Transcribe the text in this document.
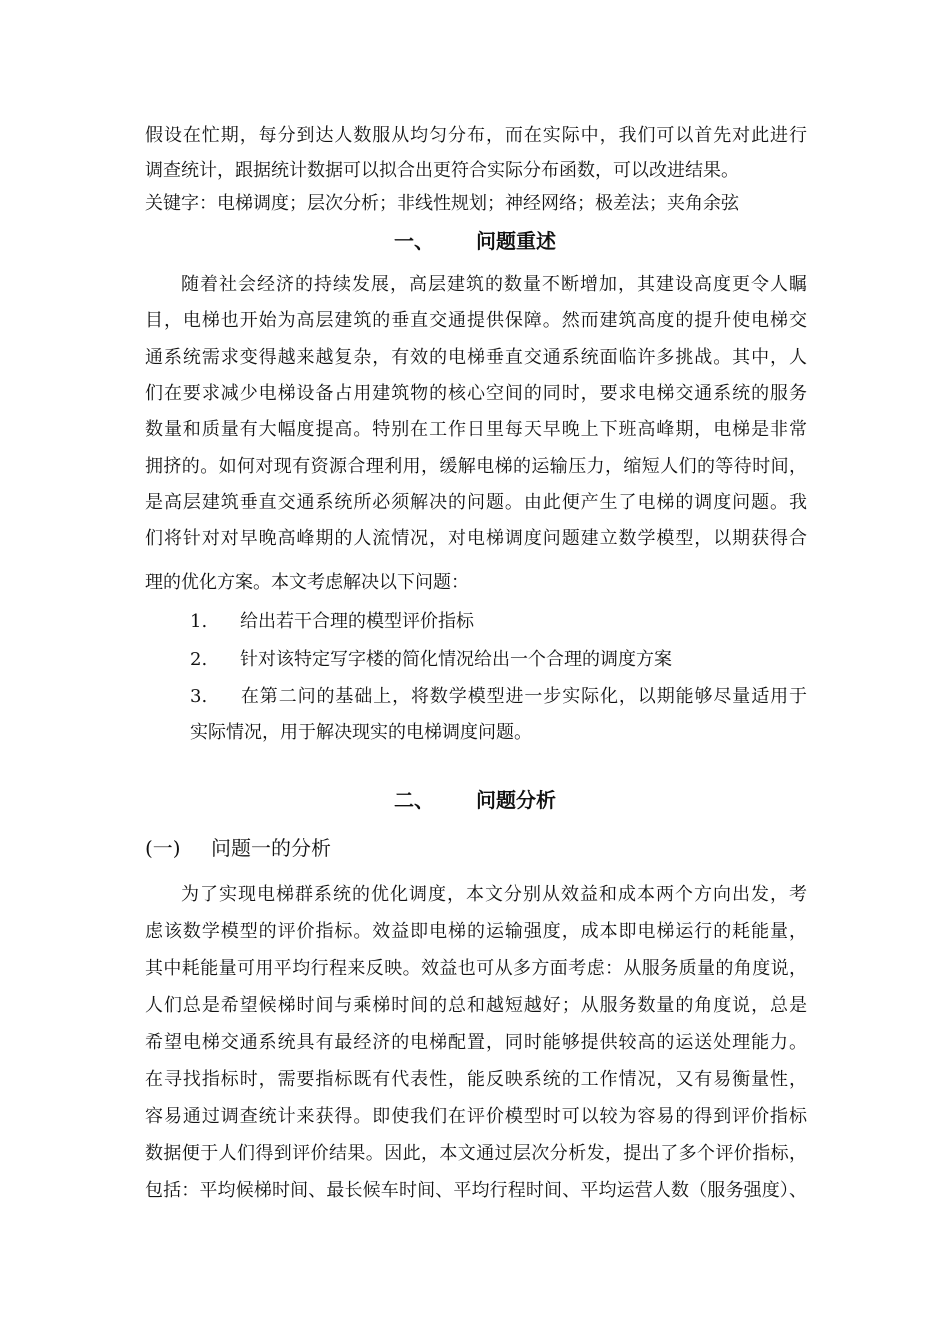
假设在忙期，每分到达人数服从均匀分布，而在实际中，我们可以首先对此进行
调查统计，跟据统计数据可以拟合出更符合实际分布函数，可以改进结果。
关键字：电梯调度；层次分析；非线性规划；神经网络；极差法；夹角余弦
一、 问题重述
随着社会经济的持续发展，高层建筑的数量不断增加，其建设高度更令人瞩
目，电梯也开始为高层建筑的垂直交通提供保障。然而建筑高度的提升使电梯交
通系统需求变得越来越复杂，有效的电梯垂直交通系统面临许多挑战。其中，人
们在要求减少电梯设备占用建筑物的核心空间的同时，要求电梯交通系统的服务
数量和质量有大幅度提高。特别在工作日里每天早晚上下班高峰期，电梯是非常
拥挤的。如何对现有资源合理利用，缓解电梯的运输压力，缩短人们的等待时间，
是高层建筑垂直交通系统所必须解决的问题。由此便产生了电梯的调度问题。我
们将针对对早晚高峰期的人流情况，对电梯调度问题建立数学模型，以期获得合
理的优化方案。本文考虑解决以下问题：
1. 给出若干合理的模型评价指标
2. 针对该特定写字楼的简化情况给出一个合理的调度方案
3. 在第二问的基础上，将数学模型进一步实际化，以期能够尽量适用于
实际情况，用于解决现实的电梯调度问题。
二、 问题分析
(一) 问题一的分析
为了实现电梯群系统的优化调度，本文分别从效益和成本两个方向出发，考
虑该数学模型的评价指标。效益即电梯的运输强度，成本即电梯运行的耗能量，
其中耗能量可用平均行程来反映。效益也可从多方面考虑：从服务质量的角度说，
人们总是希望候梯时间与乘梯时间的总和越短越好；从服务数量的角度说，总是
希望电梯交通系统具有最经济的电梯配置，同时能够提供较高的运送处理能力。
在寻找指标时，需要指标既有代表性，能反映系统的工作情况，又有易衡量性，
容易通过调查统计来获得。即使我们在评价模型时可以较为容易的得到评价指标
数据便于人们得到评价结果。因此，本文通过层次分析发，提出了多个评价指标，
包括：平均候梯时间、最长候车时间、平均行程时间、平均运营人数（服务强度）、
